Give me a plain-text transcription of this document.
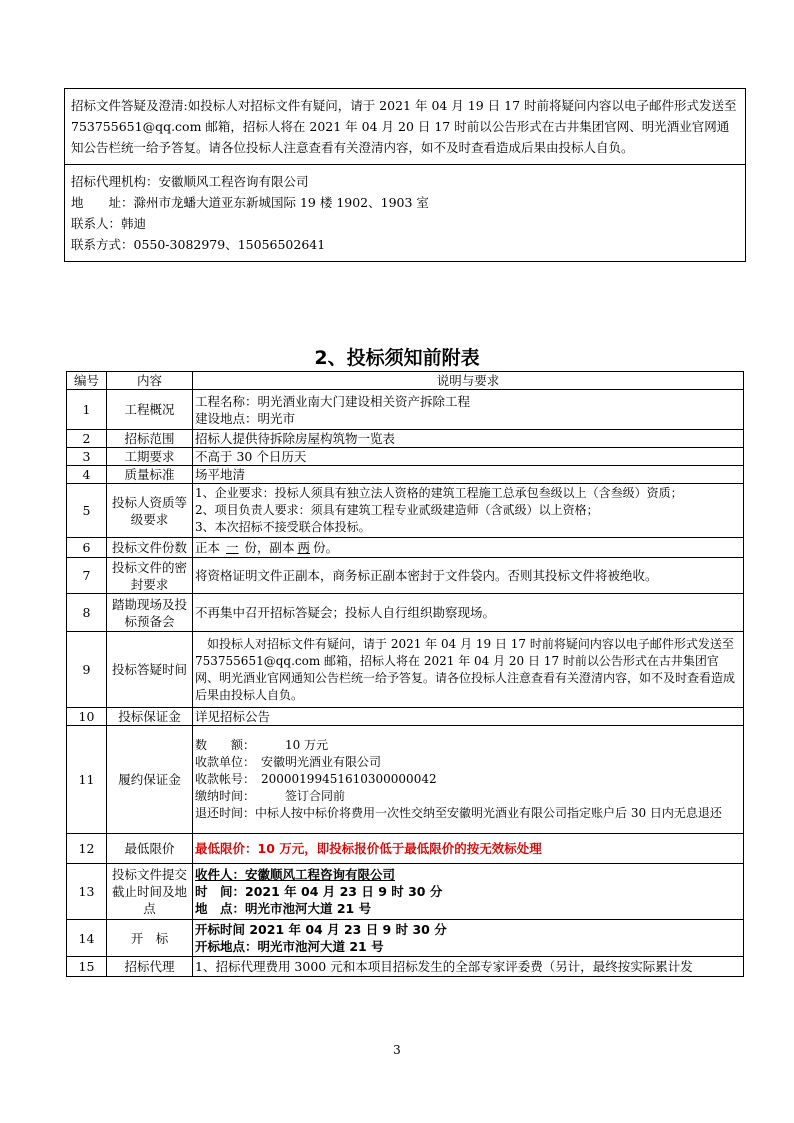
招标文件答疑及澄清:如投标人对招标文件有疑问，请于 2021 年 04 月 19 日 17 时前将疑问内容以电子邮件形式发送至 753755651@qq.com 邮箱，招标人将在 2021 年 04 月 20 日 17 时前以公告形式在古井集团官网、明光酒业官网通知公告栏统一给予答复。请各位投标人注意查看有关澄清内容，如不及时查看造成后果由投标人自负。

招标代理机构：安徽顺风工程咨询有限公司

地　　址：滁州市龙蟠大道亚东新城国际 19 楼 1902、1903 室

联系人：韩迪

联系方式：0550-3082979、15056502641

2、投标须知前附表
编号	内容	说明与要求
1	工程概况	工程名称：明光酒业南大门建设相关资产拆除工程
建设地点：明光市

2	招标范围	招标人提供待拆除房屋构筑物一览表
3	工期要求	不高于 30 个日历天
4	质量标准	场平地清
5	投标人资质等级要求	1、企业要求：投标人须具有独立法人资格的建筑工程施工总承包叁级以上（含叁级）资质；
2、项目负责人要求：须具有建筑工程专业贰级建造师（含贰级）以上资格；
3、本次招标不接受联合体投标。

6	投标文件份数	正本 一 份，副本 两 份。
7	投标文件的密封要求	将资格证明文件正副本，商务标正副本密封于文件袋内。否则其投标文件将被绝收。
8	踏勘现场及投标预备会	不再集中召开招标答疑会；投标人自行组织勘察现场。
9	投标答疑时间	如投标人对招标文件有疑问，请于 2021 年 04 月 19 日 17 时前将疑问内容以电子邮件形式发送至 753755651@qq.com 邮箱，招标人将在 2021 年 04 月 20 日 17 时前以公告形式在古井集团官网、明光酒业官网通知公告栏统一给予答复。请各位投标人注意查看有关澄清内容，如不及时查看造成后果由投标人自负。
10	投标保证金	详见招标公告
11	履约保证金	数　　额：　　　10 万元
收款单位：　安徽明光酒业有限公司
收款帐号：　20000199451610300000042
缴纳时间：　　　签订合同前
退还时间：中标人按中标价将费用一次性交纳至安徽明光酒业有限公司指定账户后 30 日内无息退还

12	最低限价	最低限价：10 万元，即投标报价低于最低限价的按无效标处理
13	投标文件提交截止时间及地点	收件人：安徽顺风工程咨询有限公司
时　间：2021 年 04 月 23 日 9 时 30 分
地　点：明光市池河大道 21 号

14	开　标	开标时间 2021 年 04 月 23 日 9 时 30 分
开标地点：明光市池河大道 21 号

15	招标代理	1、招标代理费用 3000 元和本项目招标发生的全部专家评委费（另计，最终按实际累计发
3
